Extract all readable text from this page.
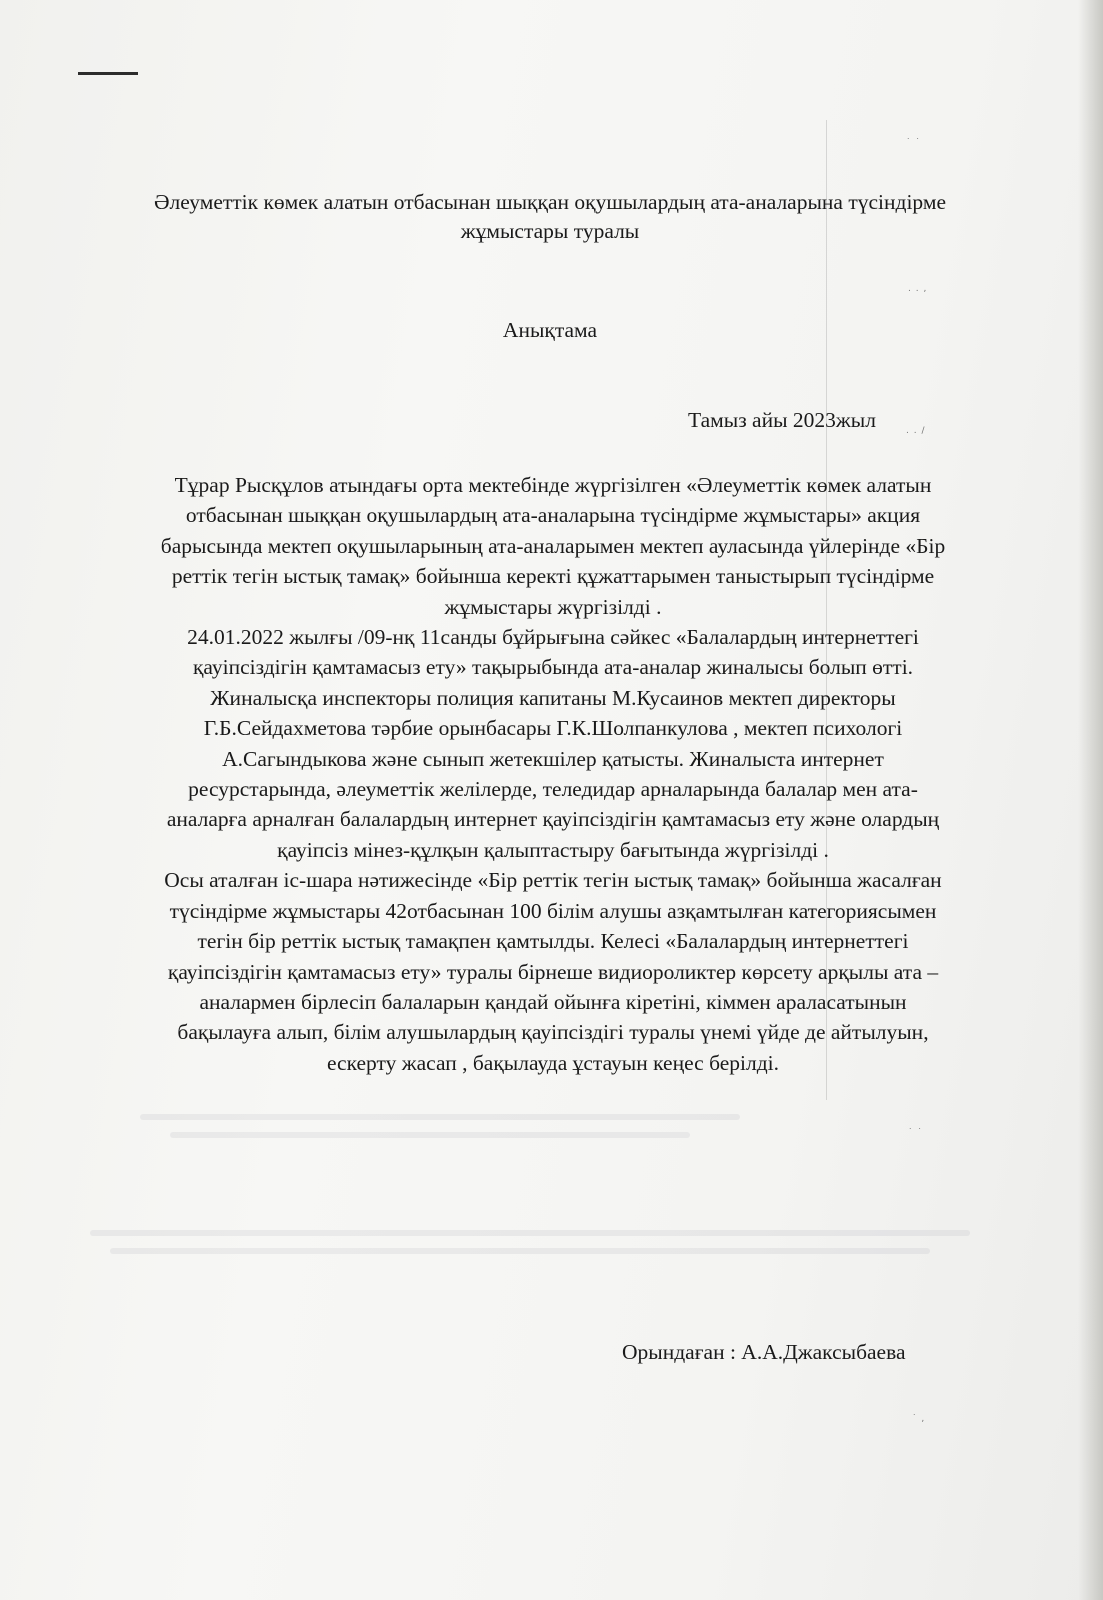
˙ ˙
. . ,
. . /
˙ ˙
˙ ,
Әлеуметтік көмек алатын отбасынан шыққан оқушылардың ата-аналарына түсіндірме
жұмыстары туралы
Анықтама
Тамыз айы 2023жыл
Тұрар Рысқұлов атындағы орта мектебінде жүргізілген «Әлеуметтік көмек алатын
отбасынан шыққан оқушылардың ата-аналарына түсіндірме жұмыстары» акция
барысында мектеп оқушыларының ата-аналарымен мектеп ауласында үйлерінде «Бір
реттік тегін ыстық тамақ» бойынша керекті құжаттарымен таныстырып түсіндірме
жұмыстары жүргізілді .
24.01.2022 жылғы /09-нқ 11санды бұйрығына сәйкес «Балалардың интернеттегі
қауіпсіздігін қамтамасыз ету» тақырыбында ата-аналар жиналысы болып өтті.
Жиналысқа инспекторы полиция капитаны М.Кусаинов мектеп директоры
Г.Б.Сейдахметова тәрбие орынбасары Г.К.Шолпанкулова , мектеп психологі
А.Сагындыкова және сынып жетекшілер қатысты. Жиналыста интернет
ресурстарында, әлеуметтік желілерде, теледидар арналарында балалар мен ата-
аналарға арналған балалардың интернет қауіпсіздігін қамтамасыз ету және олардың
қауіпсіз мінез-құлқын қалыптастыру бағытында жүргізілді .
Осы аталған іс-шара нәтижесінде «Бір реттік тегін ыстық тамақ» бойынша жасалған
түсіндірме жұмыстары 42отбасынан 100 білім алушы азқамтылған категориясымен
тегін бір реттік ыстық тамақпен қамтылды. Келесі «Балалардың интернеттегі
қауіпсіздігін қамтамасыз ету» туралы бірнеше видиороликтер көрсету арқылы ата –
аналармен бірлесіп балаларын қандай ойынға кіретіні, кіммен араласатынын
бақылауға алып, білім алушылардың қауіпсіздігі туралы үнемі үйде де айтылуын,
ескерту жасап , бақылауда ұстауын кеңес берілді.
Орындаған : А.А.Джаксыбаева
